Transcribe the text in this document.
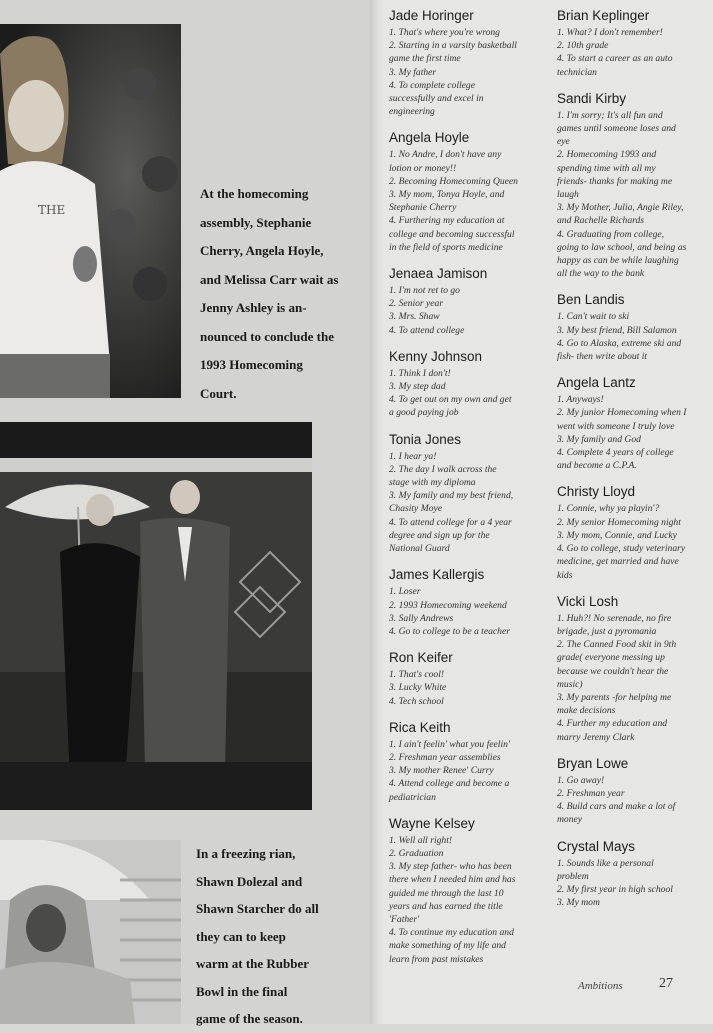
THE

At the homecoming
assembly, Stephanie
Cherry, Angela Hoyle,
and Melissa Carr wait as
Jenny Ashley is an-
nounced to conclude the
1993 Homecoming
Court.

In a freezing rian,
Shawn Dolezal and
Shawn Starcher do all
they can to keep
warm at the Rubber
Bowl in the final
game of the season.

Jade Horinger
1. That's where you're wrong
2. Starting in a varsity basketball
game the first time
3. My father
4. To complete college
successfully and excel in
engineering
Angela Hoyle
1. No Andre, I don't have any
lotion or money!!
2. Becoming Homecoming Queen
3. My mom, Tonya Hoyle, and
Stephanie Cherry
4. Furthering my education at
college and becoming successful
in the field of sports medicine
Jenaea Jamison
1. I'm not ret to go
2. Senior year
3. Mrs. Shaw
4. To attend college
Kenny Johnson
1. Think I don't!
3. My step dad
4. To get out on my own and get
a good paying job
Tonia Jones
1. I hear ya!
2. The day I walk across the
stage with my diploma
3. My family and my best friend,
Chasity Moye
4. To attend college for a 4 year
degree and sign up for the
National Guard
James Kallergis
1. Loser
2. 1993 Homecoming weekend
3. Sally Andrews
4. Go to college to be a teacher
Ron Keifer
1. That's cool!
3. Lucky White
4. Tech school
Rica Keith
1. I ain't feelin' what you feelin'
2. Freshman year assemblies
3. My mother Renee' Curry
4. Attend college and become a
pediatrician
Wayne Kelsey
1. Well all right!
2. Graduation
3. My step father- who has been
there when I needed him and has
guided me through the last 10
years and has earned the title
'Father'
4. To continue my education and
make something of my life and
learn from past mistakes
Brian Keplinger
1. What? I don't remember!
2. 10th grade
4. To start a career as an auto
technician
Sandi Kirby
1. I'm sorry; It's all fun and
games until someone loses and
eye
2. Homecoming 1993 and
spending time with all my
friends- thanks for making me
laugh
3. My Mother, Julia, Angie Riley,
and Rachelle Richards
4. Graduating from college,
going to law school, and being as
happy as can be while laughing
all the way to the bank
Ben Landis
1. Can't wait to ski
3. My best friend, Bill Salamon
4. Go to Alaska, extreme ski and
fish- then write about it
Angela Lantz
1. Anyways!
2. My junior Homecoming when I
went with someone I truly love
3. My family and God
4. Complete 4 years of college
and become a C.P.A.
Christy Lloyd
1. Connie, why ya playin'?
2. My senior Homecoming night
3. My mom, Connie, and Lucky
4. Go to college, study veterinary
medicine, get married and have
kids
Vicki Losh
1. Huh?! No serenade, no fire
brigade, just a pyromania
2. The Canned Food skit in 9th
grade( everyone messing up
because we couldn't hear the
music)
3. My parents -for helping me
make decisions
4. Further my education and
marry Jeremy Clark
Bryan Lowe
1. Go away!
2. Freshman year
4. Build cars and make a lot of
money
Crystal Mays
1. Sounds like a personal
problem
2. My first year in high school
3. My mom
Ambitions	27
